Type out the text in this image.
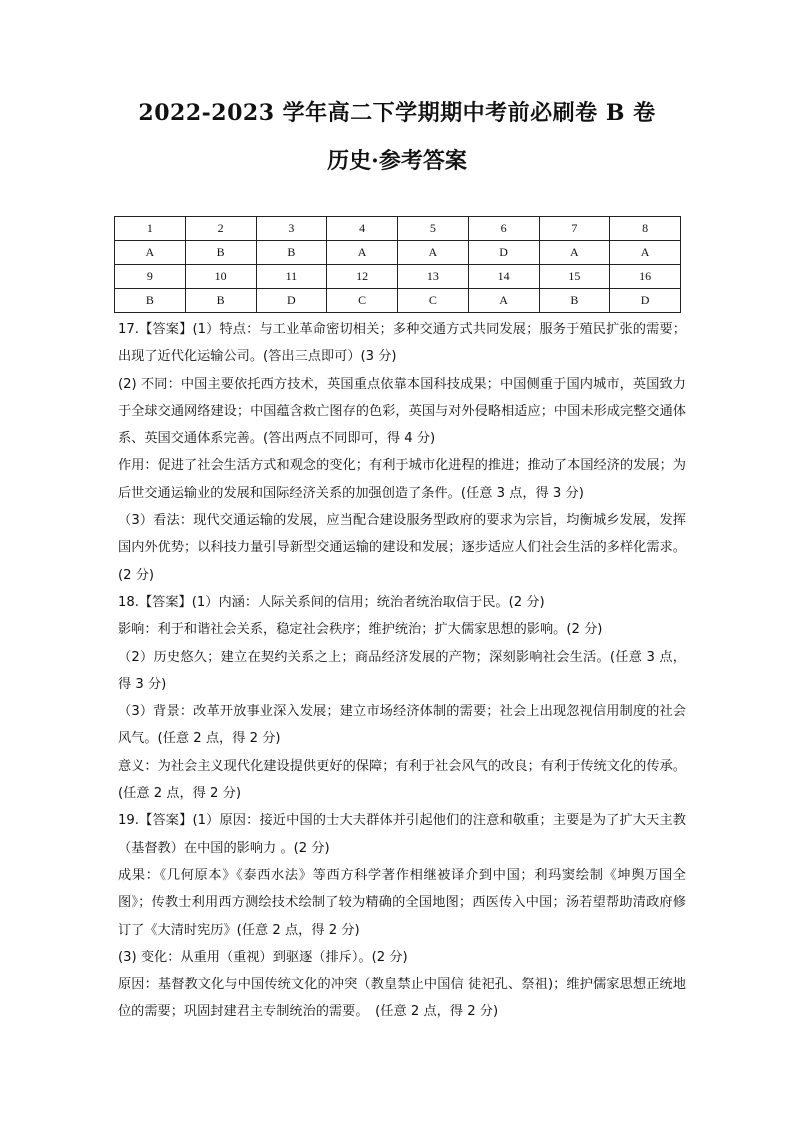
2022-2023 学年高二下学期期中考前必刷卷 B 卷
历史·参考答案
1	2	3	4	5	6	7	8
A	B	B	A	A	D	A	A
9	10	11	12	13	14	15	16
B	B	D	C	C	A	B	D

17.【答案】(1）特点：与工业革命密切相关；多种交通方式共同发展；服务于殖民扩张的需要；出现了近代化运输公司。(答出三点即可）(3 分)

(2) 不同：中国主要依托西方技术，英国重点依靠本国科技成果；中国侧重于国内城市，英国致力于全球交通网络建设；中国蕴含救亡图存的色彩，英国与对外侵略相适应；中国未形成完整交通体系、英国交通体系完善。(答出两点不同即可，得 4 分)

作用：促进了社会生活方式和观念的变化；有利于城市化进程的推进；推动了本国经济的发展；为后世交通运输业的发展和国际经济关系的加强创造了条件。(任意 3 点，得 3 分)

（3）看法：现代交通运输的发展，应当配合建设服务型政府的要求为宗旨，均衡城乡发展，发挥国内外优势；以科技力量引导新型交通运输的建设和发展；逐步适应人们社会生活的多样化需求。(2 分)

18.【答案】(1）内涵：人际关系间的信用；统治者统治取信于民。(2 分)

影响：利于和谐社会关系，稳定社会秩序；维护统治；扩大儒家思想的影响。(2 分)

（2）历史悠久；建立在契约关系之上；商品经济发展的产物；深刻影响社会生活。(任意 3 点，得 3 分)

（3）背景：改革开放事业深入发展；建立市场经济体制的需要；社会上出现忽视信用制度的社会风气。(任意 2 点，得 2 分)

意义：为社会主义现代化建设提供更好的保障；有利于社会风气的改良；有利于传统文化的传承。(任意 2 点，得 2 分)

19.【答案】(1）原因：接近中国的士大夫群体并引起他们的注意和敬重；主要是为了扩大天主教（基督教）在中国的影响力 。(2 分)

成果：《几何原本》《泰西水法》等西方科学著作相继被译介到中国；利玛窦绘制《坤舆万国全图》；传教士利用西方测绘技术绘制了较为精确的全国地图；西医传入中国；汤若望帮助清政府修订了《大清时宪历》(任意 2 点，得 2 分)

(3) 变化：从重用（重视）到驱逐（排斥）。(2 分)

原因：基督教文化与中国传统文化的冲突（教皇禁止中国信 徒祀孔、祭祖)；维护儒家思想正统地位的需要；巩固封建君主专制统治的需要。　(任意 2 点，得 2 分)
